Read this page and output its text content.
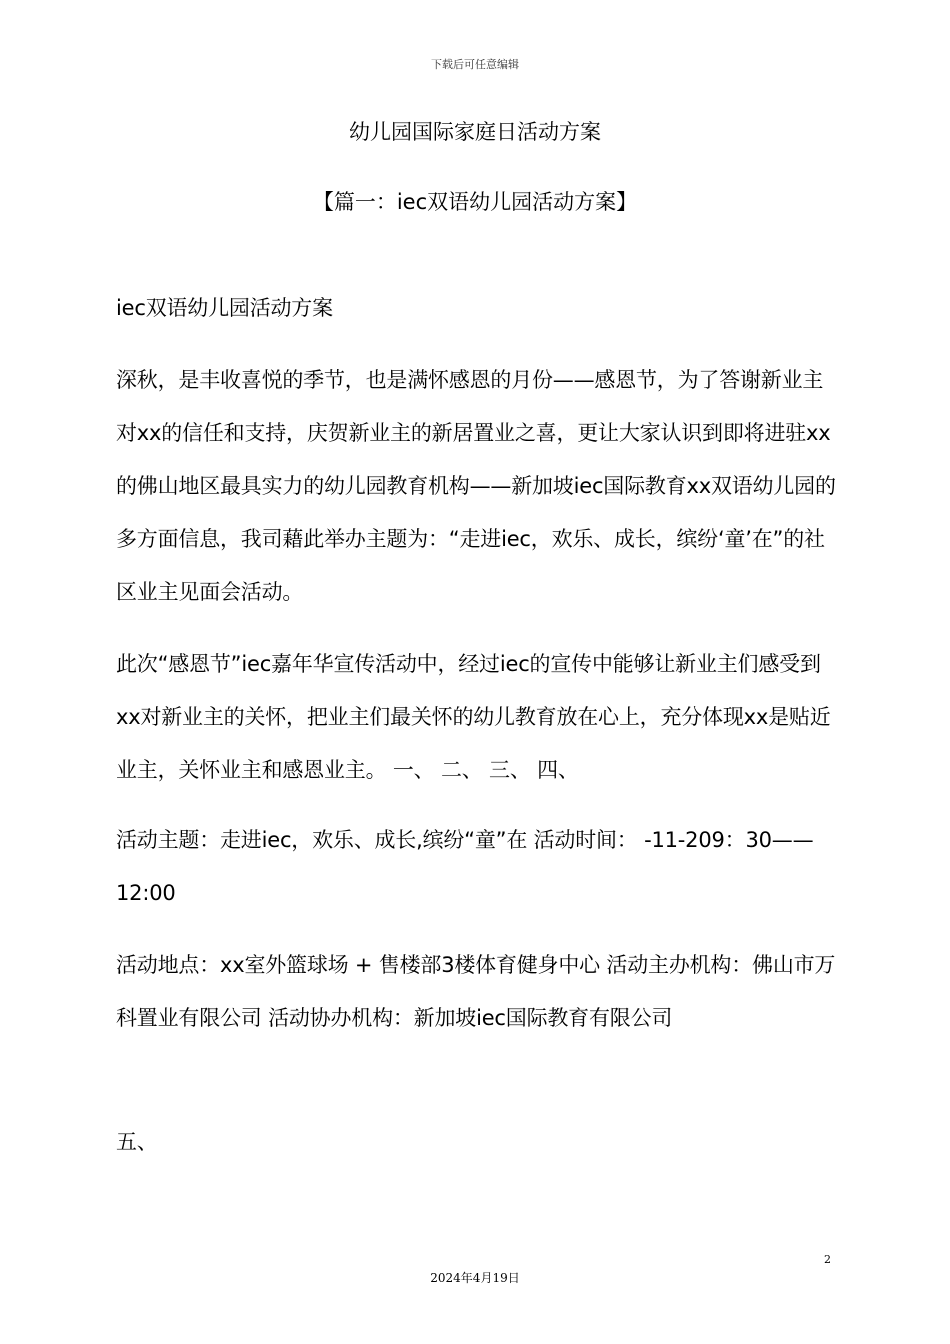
下载后可任意编辑
幼儿园国际家庭日活动方案
【篇一：iec双语幼儿园活动方案】
iec双语幼儿园活动方案

深秋，是丰收喜悦的季节，也是满怀感恩的月份——感恩节，为了答谢新业主对xx的信任和支持，庆贺新业主的新居置业之喜，更让大家认识到即将进驻xx的佛山地区最具实力的幼儿园教育机构——新加坡iec国际教育xx双语幼儿园的多方面信息，我司藉此举办主题为：“走进iec，欢乐、成长，缤纷‘童’在”的社区业主见面会活动。

此次“感恩节”iec嘉年华宣传活动中，经过iec的宣传中能够让新业主们感受到xx对新业主的关怀，把业主们最关怀的幼儿教育放在心上，充分体现xx是贴近业主，关怀业主和感恩业主。 一、 二、 三、 四、

活动主题：走进iec，欢乐、成长,缤纷“童”在 活动时间： -11-209：30——12:00

活动地点：xx室外篮球场 + 售楼部3楼体育健身中心 活动主办机构：佛山市万科置业有限公司 活动协办机构：新加坡iec国际教育有限公司

五、

2
2024年4月19日
